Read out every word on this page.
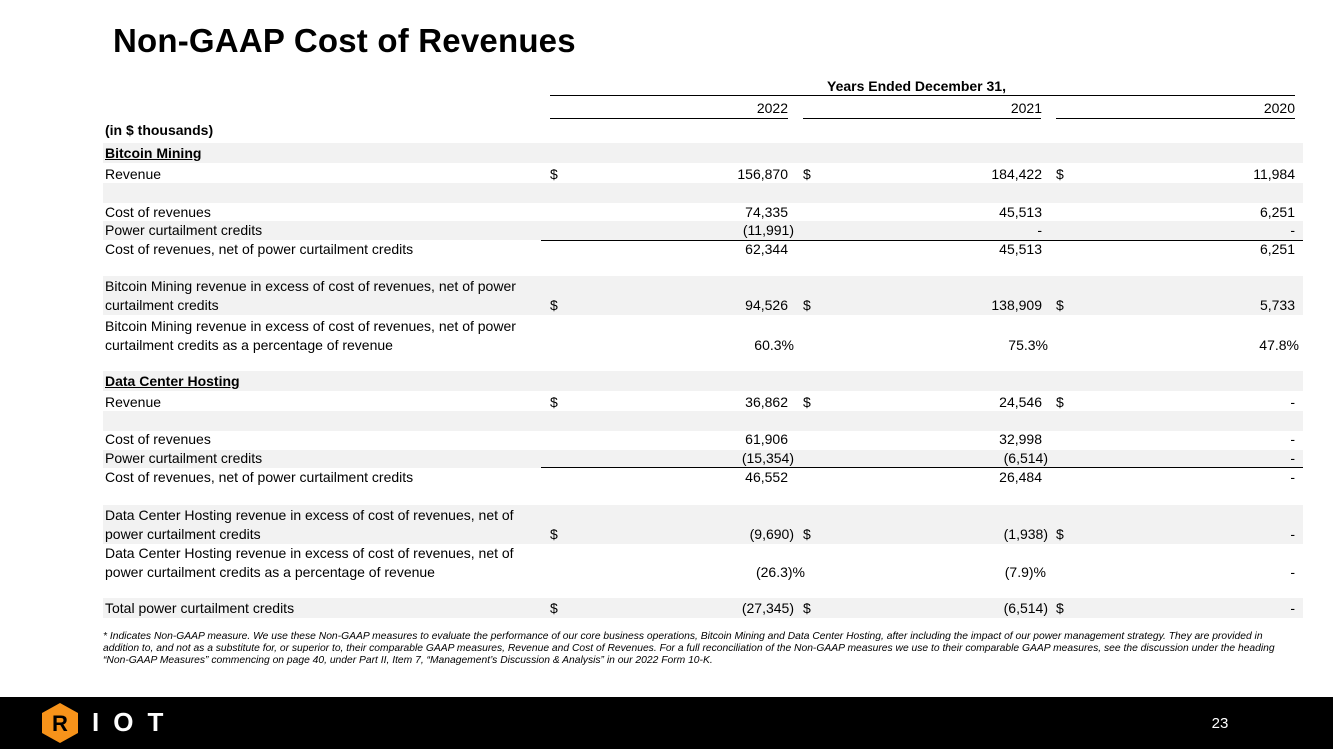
Non-GAAP Cost of Revenues
Years Ended December 31,
2022	2021	2020
(in $ thousands)
Bitcoin Mining
Revenue	$	156,870 $	184,422 $	11,984
Cost of revenues	74,335	45,513	6,251
Power curtailment credits	(11,991)	-	-
Cost of revenues, net of power curtailment credits	62,344	45,513	6,251
Bitcoin Mining revenue in excess of cost of revenues, net of power
curtailment credits	$	94,526 $	138,909 $	5,733
Bitcoin Mining revenue in excess of cost of revenues, net of power
curtailment credits as a percentage of revenue	60.3%	75.3%	47.8%
Data Center Hosting
Revenue	$	36,862 $	24,546 $	-
Cost of revenues	61,906	32,998	-
Power curtailment credits	(15,354)	(6,514)	-
Cost of revenues, net of power curtailment credits	46,552	26,484	-
Data Center Hosting revenue in excess of cost of revenues, net of
power curtailment credits	$	(9,690) $	(1,938) $	-
Data Center Hosting revenue in excess of cost of revenues, net of
power curtailment credits as a percentage of revenue	(26.3)%	(7.9)%	-
Total power curtailment credits	$	(27,345) $	(6,514) $	-
* Indicates Non-GAAP measure. We use these Non-GAAP measures to evaluate the performance of our core business operations, Bitcoin Mining and Data Center Hosting, after including the impact of our power management strategy. They are provided in addition to, and not as a substitute for, or superior to, their comparable GAAP measures, Revenue and Cost of Revenues. For a full reconciliation of the Non-GAAP measures we use to their comparable GAAP measures, see the discussion under the heading “Non-GAAP Measures” commencing on page 40, under Part II, Item 7, “Management’s Discussion & Analysis” in our 2022 Form 10-K.
R IOT	23
